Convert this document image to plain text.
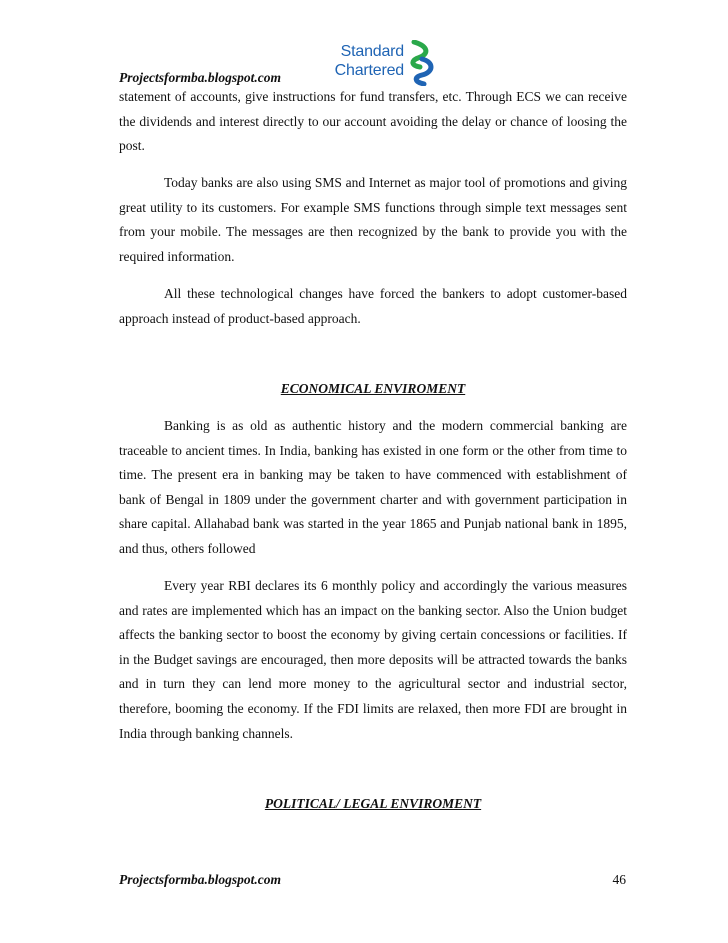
Projectsformba.blogspot.com
Standard
Chartered

statement of accounts, give instructions for fund transfers, etc. Through ECS we can receive the dividends and interest directly to our account avoiding the delay or chance of loosing the post.

Today banks are also using SMS and Internet as major tool of promotions and giving great utility to its customers. For example SMS functions through simple text messages sent from your mobile. The messages are then recognized by the bank to provide you with the required information.

All these technological changes have forced the bankers to adopt customer-based approach instead of product-based approach.

ECONOMICAL ENVIROMENT

Banking is as old as authentic history and the modern commercial banking are traceable to ancient times. In India, banking has existed in one form or the other from time to time. The present era in banking may be taken to have commenced with establishment of bank of Bengal in 1809 under the government charter and with government participation in share capital. Allahabad bank was started in the year 1865 and Punjab national bank in 1895, and thus, others followed

Every year RBI declares its 6 monthly policy and accordingly the various measures and rates are implemented which has an impact on the banking sector. Also the Union budget affects the banking sector to boost the economy by giving certain concessions or facilities. If in the Budget savings are encouraged, then more deposits will be attracted towards the banks and in turn they can lend more money to the agricultural sector and industrial sector, therefore, booming the economy. If the FDI limits are relaxed, then more FDI are brought in India through banking channels.

POLITICAL/ LEGAL ENVIROMENT

Projectsformba.blogspot.com	46
